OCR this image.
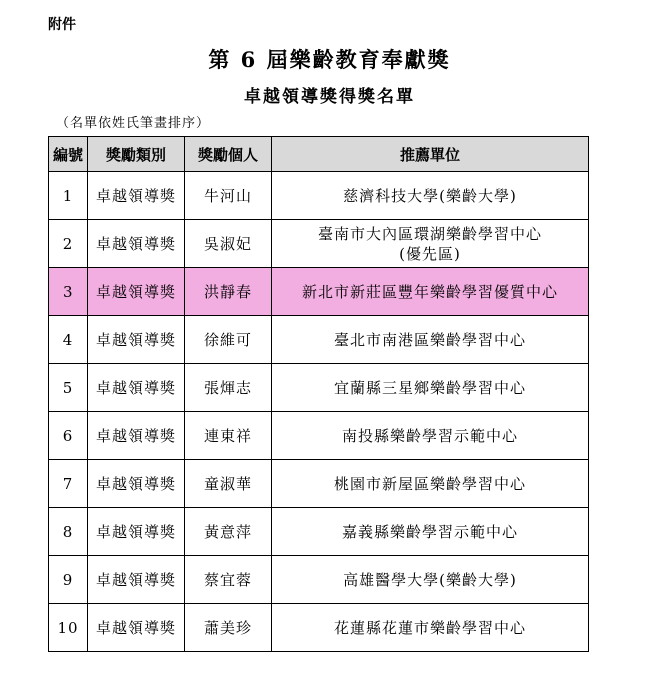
附件
第 6 屆樂齡教育奉獻獎
卓越領導獎得獎名單
（名單依姓氏筆畫排序）
編號	獎勵類別	獎勵個人	推薦單位
1	卓越領導獎	牛河山	慈濟科技大學(樂齡大學)

2	卓越領導獎	吳淑妃	臺南市大內區環湖樂齡學習中心
(優先區)

3	卓越領導獎	洪靜春	新北市新莊區豐年樂齡學習優質中心

4	卓越領導獎	徐維可	臺北市南港區樂齡學習中心

5	卓越領導獎	張煇志	宜蘭縣三星鄉樂齡學習中心

6	卓越領導獎	連東祥	南投縣樂齡學習示範中心

7	卓越領導獎	童淑華	桃園市新屋區樂齡學習中心

8	卓越領導獎	黃意萍	嘉義縣樂齡學習示範中心

9	卓越領導獎	蔡宜蓉	高雄醫學大學(樂齡大學)

10	卓越領導獎	蕭美珍	花蓮縣花蓮市樂齡學習中心
